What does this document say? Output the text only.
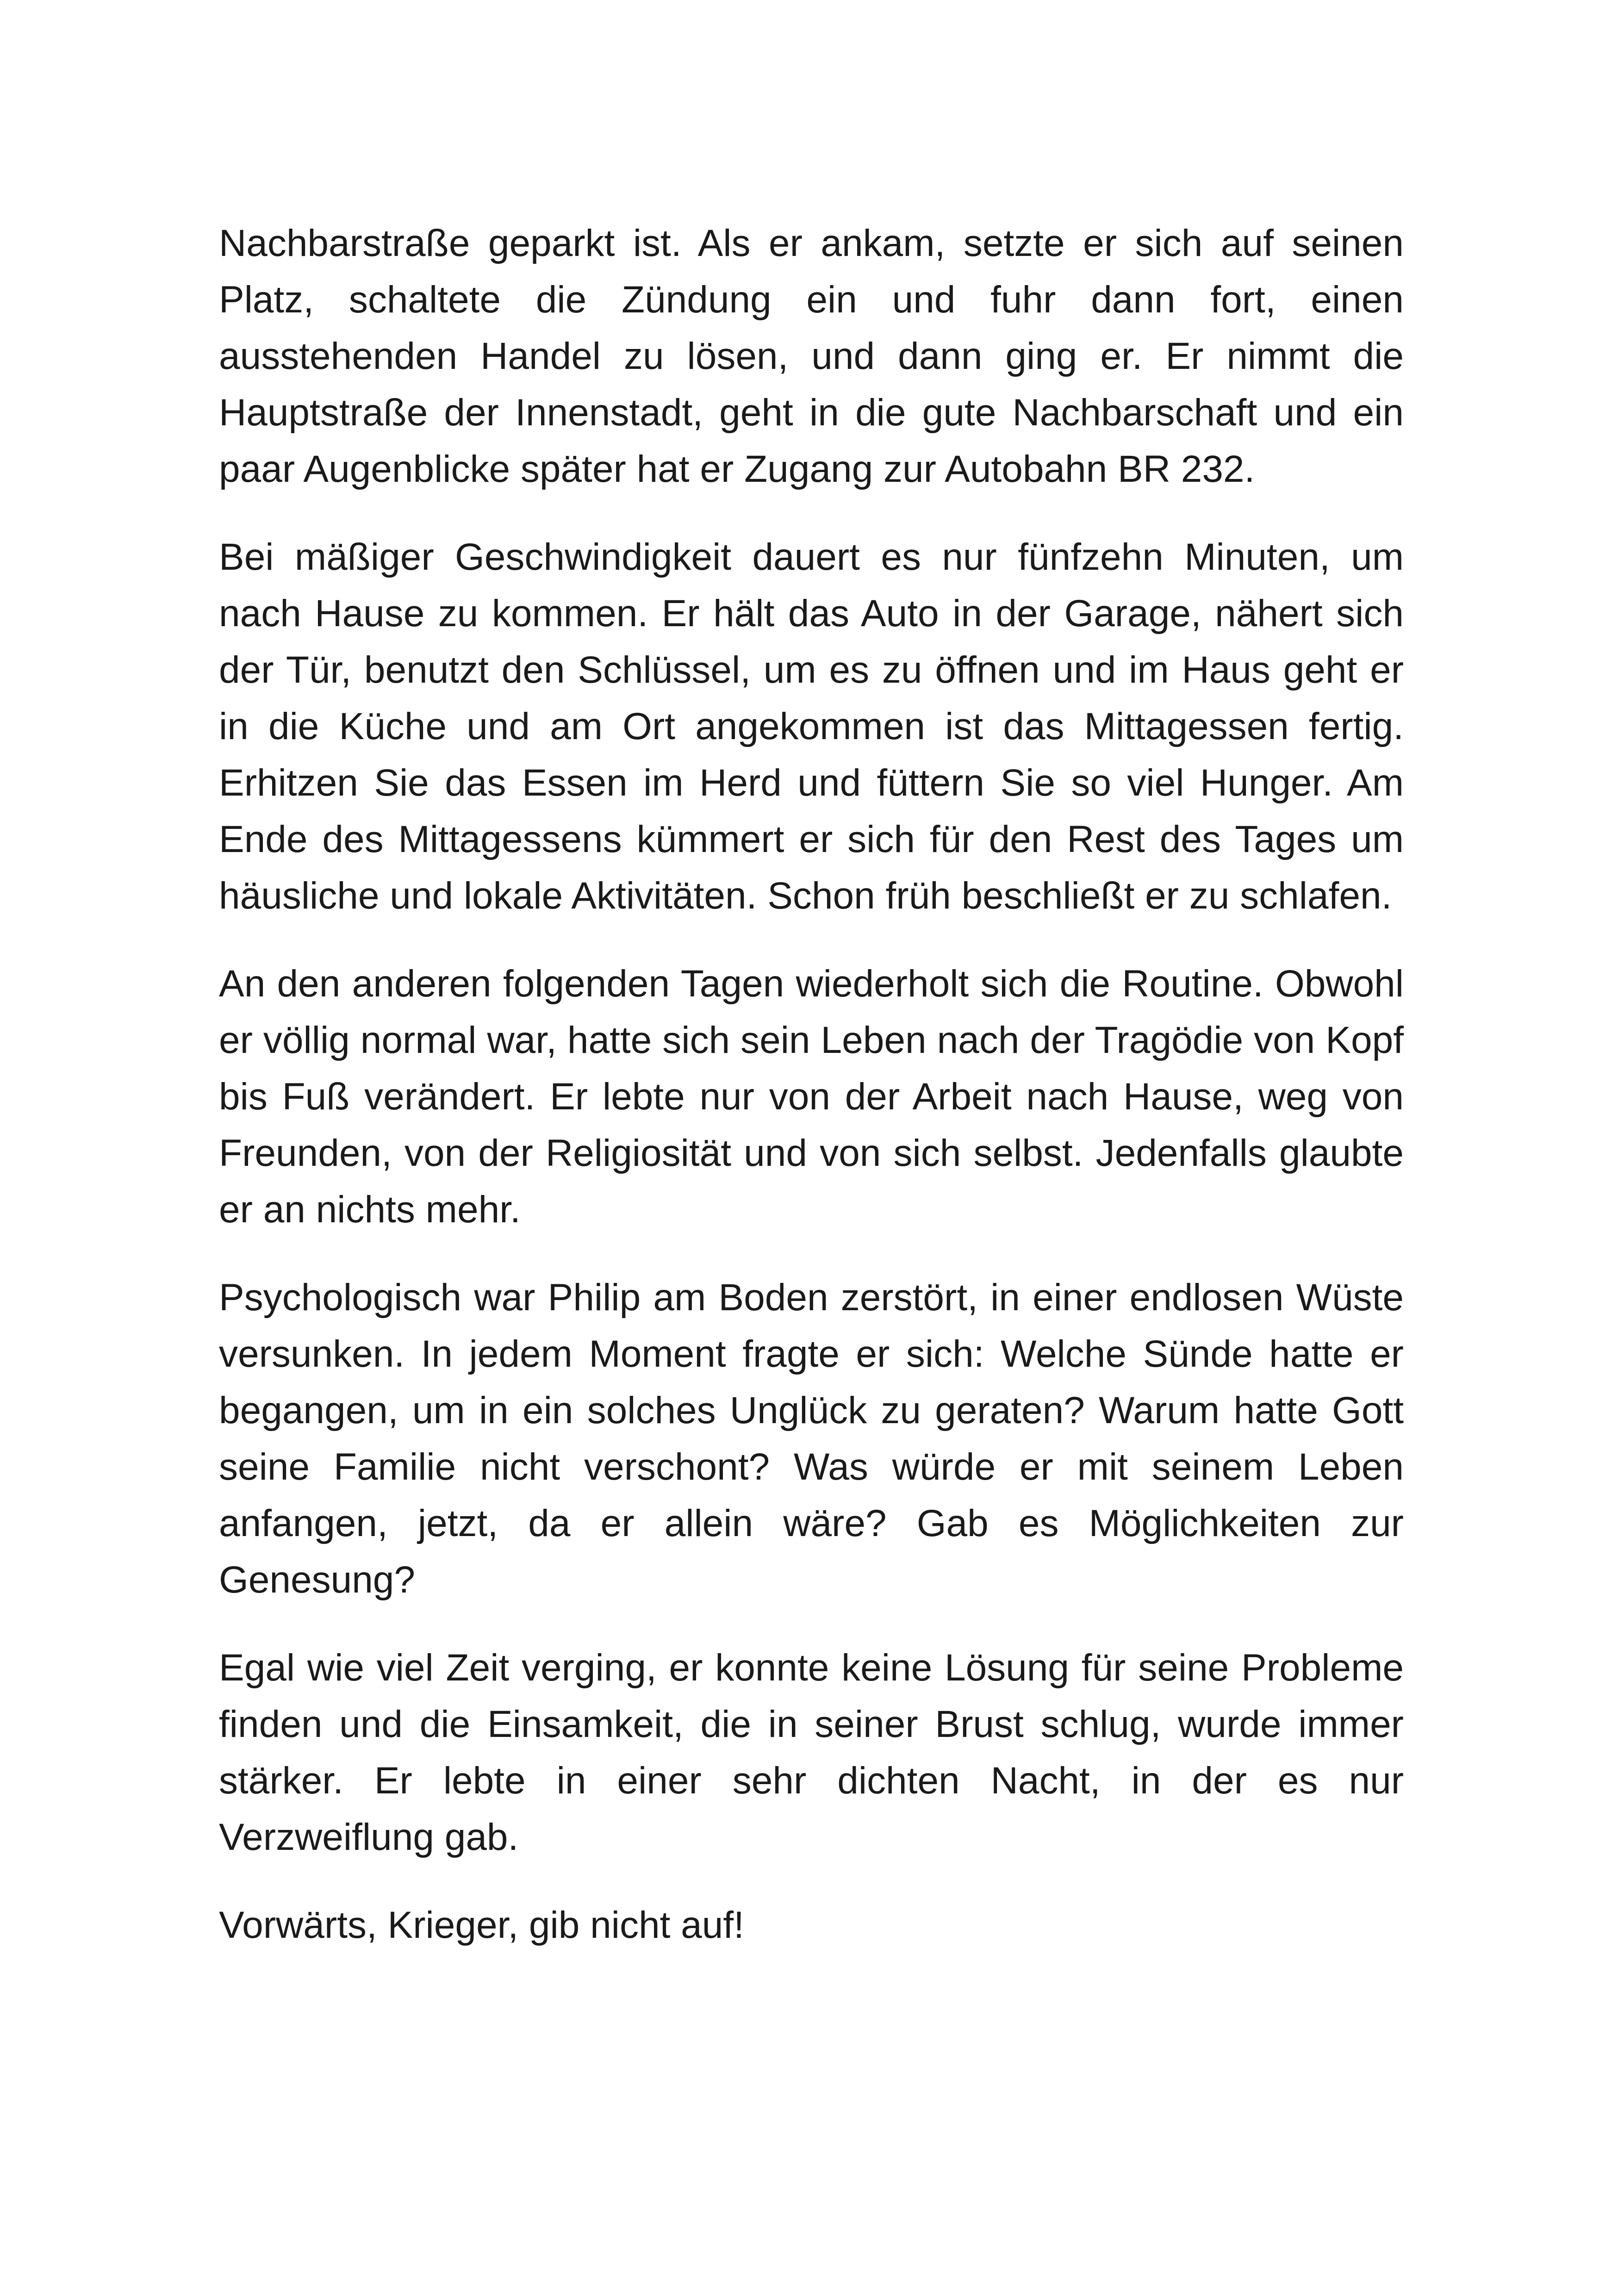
Nachbarstraße geparkt ist. Als er ankam, setzte er sich auf seinen Platz, schaltete die Zündung ein und fuhr dann fort, einen ausstehenden Handel zu lösen, und dann ging er. Er nimmt die Hauptstraße der Innenstadt, geht in die gute Nachbarschaft und ein paar Augenblicke später hat er Zugang zur Autobahn BR 232.

Bei mäßiger Geschwindigkeit dauert es nur fünfzehn Minuten, um nach Hause zu kommen. Er hält das Auto in der Garage, nähert sich der Tür, benutzt den Schlüssel, um es zu öffnen und im Haus geht er in die Küche und am Ort angekommen ist das Mittagessen fertig. Erhitzen Sie das Essen im Herd und füttern Sie so viel Hunger. Am Ende des Mittagessens kümmert er sich für den Rest des Tages um häusliche und lokale Aktivitäten. Schon früh beschließt er zu schlafen.

An den anderen folgenden Tagen wiederholt sich die Routine. Obwohl er völlig normal war, hatte sich sein Leben nach der Tragödie von Kopf bis Fuß verändert. Er lebte nur von der Arbeit nach Hause, weg von Freunden, von der Religiosität und von sich selbst. Jedenfalls glaubte er an nichts mehr.

Psychologisch war Philip am Boden zerstört, in einer endlosen Wüste versunken. In jedem Moment fragte er sich: Welche Sünde hatte er begangen, um in ein solches Unglück zu geraten? Warum hatte Gott seine Familie nicht verschont? Was würde er mit seinem Leben anfangen, jetzt, da er allein wäre? Gab es Möglichkeiten zur Genesung?

Egal wie viel Zeit verging, er konnte keine Lösung für seine Probleme finden und die Einsamkeit, die in seiner Brust schlug, wurde immer stärker. Er lebte in einer sehr dichten Nacht, in der es nur Verzweiflung gab.

Vorwärts, Krieger, gib nicht auf!
